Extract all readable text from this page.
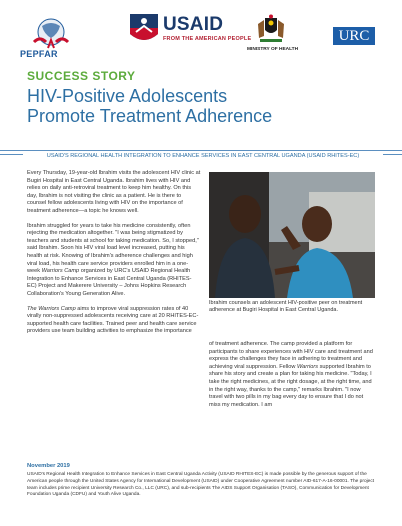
PEPFAR
USAID
FROM THE AMERICAN PEOPLE
MINISTRY OF HEALTH
URC
SUCCESS STORY
HIV-Positive Adolescents
Promote Treatment Adherence
USAID'S REGIONAL HEALTH INTEGRATION TO ENHANCE SERVICES IN EAST CENTRAL UGANDA (USAID RHITES-EC)

Every Thursday, 19-year-old Ibrahim visits the adolescent HIV clinic at Bugiri Hospital in East Central Uganda. Ibrahim lives with HIV and relies on daily anti-retroviral treatment to keep him healthy. On this day, Ibrahim is not visiting the clinic as a patient. He is there to counsel fellow adolescents living with HIV on the importance of treatment adherence—a topic he knows well.

Ibrahim struggled for years to take his medicine consistently, often rejecting the medication altogether. "I was being stigmatized by teachers and students at school for taking medication. So, I stopped," said Ibrahim. Soon his HIV viral load level increased, putting his health at risk. Knowing of Ibrahim's adherence challenges and high viral load, his health care service providers enrolled him in a one-week Warriors Camp organized by URC's USAID Regional Health Integration to Enhance Services in East Central Uganda (RHITES-EC) Project and Makerere University – Johns Hopkins Research Collaboration's Young Generation Alive.

The Warriors Camp aims to improve viral suppression rates of 40 virally non-suppressed adolescents receiving care at 20 RHITES-EC-supported health care facilities. Trained peer and health care service providers use team building activities to emphasize the importance

Ibrahim counsels an adolescent HIV-positive peer on treatment adherence at Bugiri Hospital in East Central Uganda.

of treatment adherence. The camp provided a platform for participants to share experiences with HIV care and treatment and express the challenges they face in adhering to treatment and achieving viral suppression. Fellow Warriors supported Ibrahim to share his story and create a plan for taking his medicine. "Today, I take the right medicines, at the right dosage, at the right time, and in the right way, thanks to the camp," remarks Ibrahim. "I now travel with two pills in my bag every day to ensure that I do not miss my medication. I am

November 2019
USAID's Regional Health Integration to Enhance Services in East Central Uganda Activity (USAID RHITES-EC) is made possible by the generous support of the American people through the United States Agency for International Development (USAID) under Cooperative Agreement number AID-617-A-16-00001. The project team includes prime recipient University Research Co., LLC (URC), and sub-recipients The AIDS Support Organisation (TASO), Communication for Development Foundation Uganda (CDFU) and Youth Alive Uganda.
